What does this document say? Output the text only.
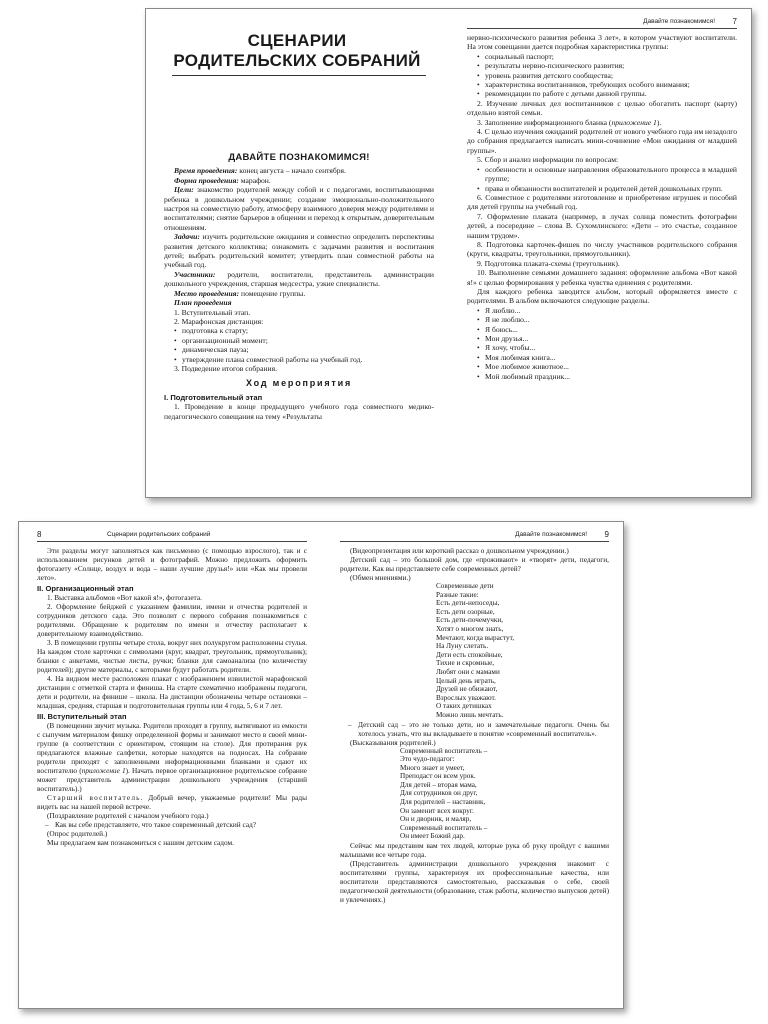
СЦЕНАРИИ
РОДИТЕЛЬСКИХ СОБРАНИЙ
ДАВАЙТЕ ПОЗНАКОМИМСЯ!

Время проведения: конец августа – начало сентября.

Форма проведения: марафон.

Цели: знакомство родителей между собой и с педагогами, воспитывающими ребенка в дошкольном учреждении; создание эмоционально-положительного настроя на совместную работу, атмосферу взаимного доверия между родителями и воспитателями; снятие барьеров в общении и переход к открытым, доверительным отношениям.

Задачи: изучить родительские ожидания и совместно определить перспективы развития детского коллектива; ознакомить с задачами развития и воспитания детей; выбрать родительский комитет; утвердить план совместной работы на учебный год.

Участники: родители, воспитатели, представитель администрации дошкольного учреждения, старшая медсестра, узкие специалисты.

Место проведения: помещение группы.

План проведения

1. Вступительный этап.

2. Марафонская дистанция:

• подготовка к старту;
• организационный момент;
• динамическая пауза;
• утверждение плана совместной работы на учебный год.

3. Подведение итогов собрания.

Ход мероприятия
I. Подготовительный этап

1. Проведение в конце предыдущего учебного года совместного медико-педагогического совещания на тему «Результаты

Давайте познакомимся! 7

нервно-психического развития ребенка 3 лет», в котором участвуют воспитатели. На этом совещании дается подробная характеристика группы:

• социальный паспорт;
• результаты нервно-психического развития;
• уровень развития детского сообщества;
• характеристика воспитанников, требующих особого внимания;
• рекомендации по работе с детьми данной группы.

2. Изучение личных дел воспитанников с целью обогатить паспорт (карту) отдельно взятой семьи.

3. Заполнение информационного бланка (приложение 1).

4. С целью изучения ожиданий родителей от нового учебного года им незадолго до собрания предлагается написать мини-сочинение «Мои ожидания от младшей группы».

5. Сбор и анализ информации по вопросам:

• особенности и основные направления образовательного процесса в младшей группе;
• права и обязанности воспитателей и родителей детей дошкольных групп.

6. Совместное с родителями изготовление и приобретение игрушек и пособий для детей группы на учебный год.

7. Оформление плаката (например, в лучах солнца поместить фотографии детей, а посередине – слова В. Сухомлинского: «Дети – это счастье, созданное нашим трудом».

8. Подготовка карточек-фишек по числу участников родительского собрания (круги, квадраты, треугольники, прямоугольники).

9. Подготовка плаката-схемы (треугольник).

10. Выполнение семьями домашнего задания: оформление альбома «Вот какой я!» с целью формирования у ребенка чувства единения с родителями.

Для каждого ребенка заводится альбом, который оформляется вместе с родителями. В альбом включаются следующие разделы.

• Я люблю...
• Я не люблю...
• Я боюсь...
• Мои друзья...
• Я хочу, чтобы...
• Моя любимая книга...
• Мое любимое животное...
• Мой любимый праздник...
8	Сценарии родительских собраний

Эти разделы могут заполняться как письменно (с помощью взрослого), так и с использованием рисунков детей и фотографий. Можно предложить оформить фотогазету «Солнце, воздух и вода – наши лучшие друзья!» или «Как мы провели лето».

II. Организационный этап

1. Выставка альбомов «Вот какой я!», фотогазета.

2. Оформление бейджей с указанием фамилии, имени и отчества родителей и сотрудников детского сада. Это позволит с первого собрания познакомиться с родителями. Обращение к родителям по имени и отчеству располагает к доверительному взаимодействию.

3. В помещении группы четыре стола, вокруг них полукругом расположены стулья. На каждом столе карточки с символами (круг, квадрат, треугольник, прямоугольник); бланки с анкетами, чистые листы, ручки; бланки для самоанализа (по количеству родителей); другие материалы, с которыми будут работать родители.

4. На видном месте расположен плакат с изображением извилистой марафонской дистанции с отметкой старта и финиша. На старте схематично изображены педагоги, дети и родители, на финише – школа. На дистанции обозначены четыре остановки – младшая, средняя, старшая и подготовительная группы или 4 года, 5, 6 и 7 лет.

III. Вступительный этап

(В помещении звучит музыка. Родители проходят в группу, вытягивают из емкости с сыпучим материалом фишку определенной формы и занимают место в своей мини-группе (в соответствии с ориентиром, стоящим на столе). Для протирания рук предлагаются влажные салфетки, которые находятся на подносах. На собрание родители приходят с заполненными информационными бланками и сдают их воспитателю (приложение 1). Начать первое организационное родительское собрание может представитель администрации дошкольного учреждения (старший воспитатель).)

Старший воспитатель. Добрый вечер, уважаемые родители! Мы рады видеть вас на нашей первой встрече.

(Поздравление родителей с началом учебного года.)

– Как вы себе представляете, что такое современный детский сад?

(Опрос родителей.)

Мы предлагаем вам познакомиться с нашим детским садом.

Давайте познакомимся! 9

(Видеопрезентация или короткий рассказ о дошкольном учреждении.)

Детский сад – это большой дом, где «проживают» и «творят» дети, педагоги, родители. Как вы представляете себе современных детей?

(Обмен мнениями.)

Современные дети
Разные такие:
Есть дети-непоседы,
Есть дети озорные,
Есть дети-почемучки,
Хотят о многом знать,
Мечтают, когда вырастут,
На Луну слетать.
Дети есть спокойные,
Тихие и скромные,
Любят они с мамами
Целый день играть,
Друзей не обижают,
Взрослых уважают.
О таких детишках
Можно лишь мечтать.
– Детский сад – это не только дети, но и замечательные педагоги. Очень бы хотелось узнать, что вы вкладываете в понятие «современный воспитатель».

(Высказывания родителей.)

Современный воспитатель –
Это чудо-педагог:
Много знает и умеет,
Преподаст он всем урок.
Для детей – вторая мама,
Для сотрудников он друг,
Для родителей – наставник,
Он заменит всех вокруг.
Он и дворник, и маляр,
Современный воспитатель –
Он имеет Божий дар.

Сейчас мы представим вам тех людей, которые рука об руку пройдут с вашими малышами все четыре года.

(Представитель администрации дошкольного учреждения знакомит с воспитателями группы, характеризуя их профессиональные качества, или воспитатели представляются самостоятельно, рассказывая о себе, своей педагогической деятельности (образование, стаж работы, количество выпусков детей) и увлечениях.)
